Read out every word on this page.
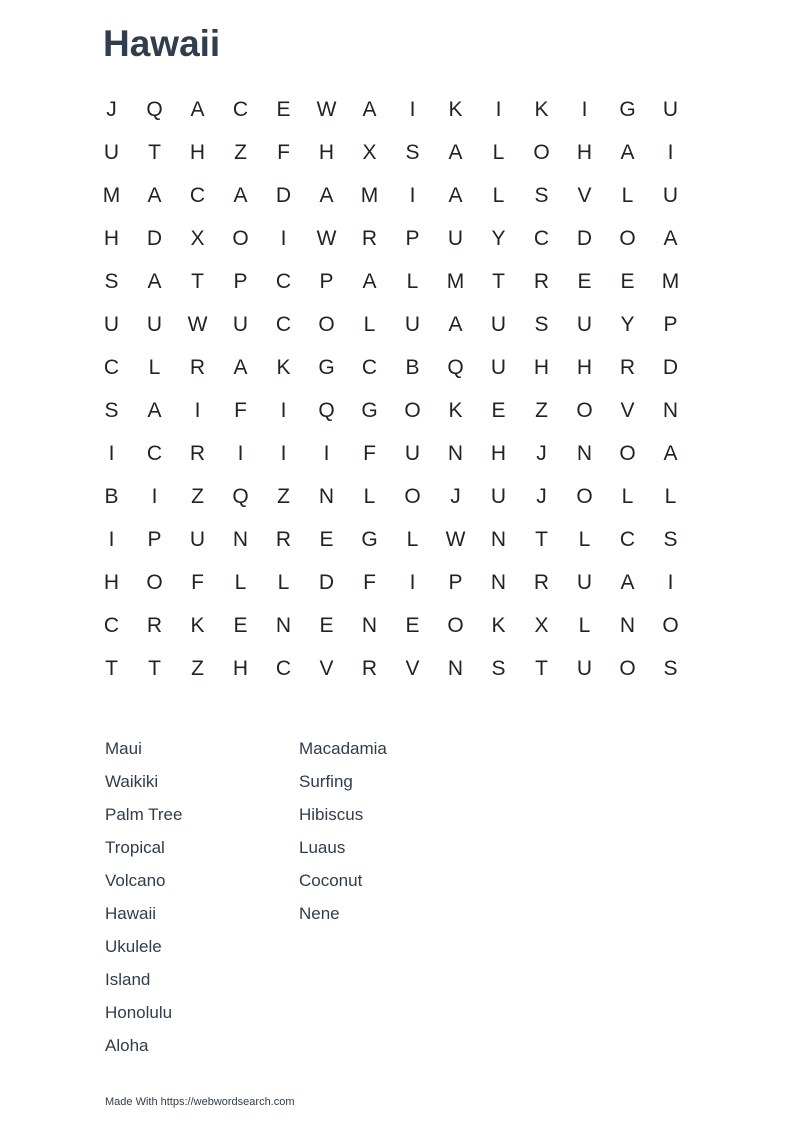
Hawaii
J	Q	A	C	E	W	A	I	K	I	K	I	G	U
U	T	H	Z	F	H	X	S	A	L	O	H	A	I
M	A	C	A	D	A	M	I	A	L	S	V	L	U
H	D	X	O	I	W	R	P	U	Y	C	D	O	A
S	A	T	P	C	P	A	L	M	T	R	E	E	M
U	U	W	U	C	O	L	U	A	U	S	U	Y	P
C	L	R	A	K	G	C	B	Q	U	H	H	R	D
S	A	I	F	I	Q	G	O	K	E	Z	O	V	N
I	C	R	I	I	I	F	U	N	H	J	N	O	A
B	I	Z	Q	Z	N	L	O	J	U	J	O	L	L
I	P	U	N	R	E	G	L	W	N	T	L	C	S
H	O	F	L	L	D	F	I	P	N	R	U	A	I
C	R	K	E	N	E	N	E	O	K	X	L	N	O
T	T	Z	H	C	V	R	V	N	S	T	U	O	S
Maui
Waikiki
Palm Tree
Tropical
Volcano
Hawaii
Ukulele
Island
Honolulu
Aloha
Macadamia
Surfing
Hibiscus
Luaus
Coconut
Nene
Made With https://webwordsearch.com
